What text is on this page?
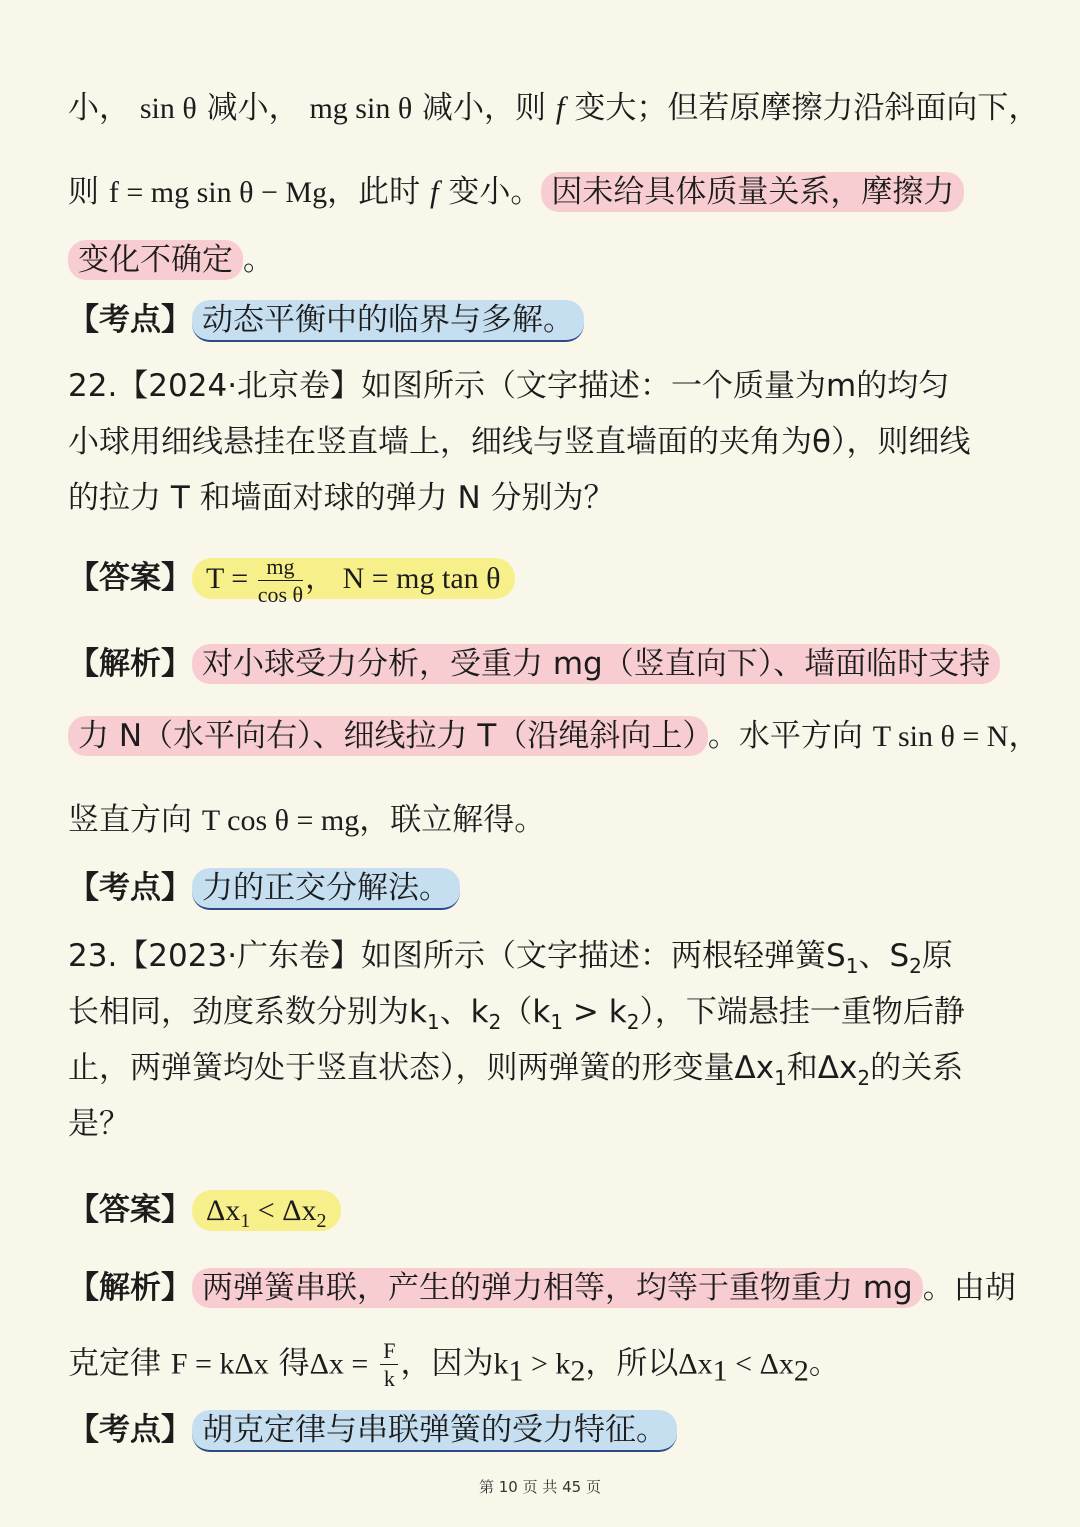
小， sin θ 减小， mg sin θ 减小，则 f 变大；但若原摩擦力沿斜面向下，
则 f = mg sin θ − Mg，此时 f 变小。 因未给具体质量关系，摩擦力
变化不确定 。
【考点】 动态平衡中的临界与多解。
22.【2024·北京卷】如图所示（文字描述：一个质量为m的均匀
小球用细线悬挂在竖直墙上，细线与竖直墙面的夹角为θ），则细线
的拉力 T 和墙面对球的弹力 N 分别为？
【答案】 $T = \frac{mg}{\text{cos θ}}$ ， N = mg tan θ
【解析】 对小球受力分析，受重力 mg（竖直向下）、墙面临时支持
力 N（水平向右）、细线拉力 T（沿绳斜向上） 。水平方向 T sin θ = N，
竖直方向 T cos θ = mg，联立解得。
【考点】 力的正交分解法。
23.【2023·广东卷】如图所示（文字描述：两根轻弹簧$S_1$、$S_2$原
长相同，劲度系数分别为$k_1$、$k_2(k_1 > k_2)$，下端悬挂一重物后静
止，两弹簧均处于竖直状态），则两弹簧的形变量$\Delta x_1$和$\Delta x_2$的关系
是？
【答案】 $\Delta x_1 < \Delta x_2$
【解析】 两弹簧串联，产生的弹力相等，均等于重物重力 mg 。由胡
克定律 F = kΔx 得$\Delta x = \frac{F}{k}$ ，因为$k_1 > k_2$，所以$\Delta x_1 < \Delta x_2$。
【考点】 胡克定律与串联弹簧的受力特征。
第 10 页 共 45 页
